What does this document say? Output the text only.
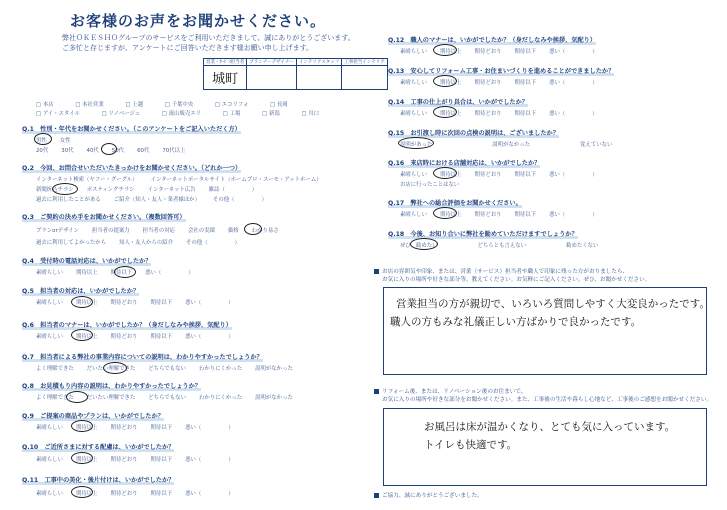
お客様のお声をお聞かせください。
弊社ＯＫＥＳＨＯグループのサービスをご利用いただきまして、誠にありがとうございます。
ご多忙と存じますが、アンケートにご回答いただきます様お願い申し上げます。
営業・ｻｰﾋﾞｽ担当者	プランナーデザイナー	インテリアスタッフ	工事担当インテリア
城町			
□ 本店	□ 本社営業	□ 上越	□ 千葉中央	□ エコリフォ	□ 長岡
□ アイ・スタイル	□ リノベージュ	□ 流山販売エリ	□ 工場	□ 新潟	□ 川口
Q.1　性別・年代をお聞かせください。（このアンケートをご記入いただく方）
男性 女性
20代 30代 40代 50代 60代 70代以上
Q.2　今回、お問合せいただいたきっかけをお聞かせください。（どれか一つ）
インターネット検索（ヤフー・グーグル） インターネットポータルサイト（ホームプロ・スーモ・アットホーム）
新聞折込チラシ ポスティングチラシ インターネット広告 雑誌（　　　　　）
過去に利用したことがある ご紹介（知人・友人・業者様ほか） その他（　　　　　）
Q.3　ご契約の決め手をお聞かせください。（複数回答可）
プランorデザイン 担当者の提案力 担当者の対応 会社の実績 価格 わかり易さ
過去に利用してよかったから 知人・友人からの紹介 その他（　　　　　）
Q.4　受付時の電話対応は、いかがでしたか？
素晴らしい 期待以上 期待以下 悪い（　　　　　）
Q.5　担当者の対応は、いかがでしたか？
素晴らしい 期待以上 期待どおり 期待以下 悪い（　　　　　）
Q.6　担当者のマナーは、いかがでしたか？（身だしなみや挨拶、気配り）
素晴らしい 期待以上 期待どおり 期待以下 悪い（　　　　　）
Q.7　担当者による弊社の事業内容についての説明は、わかりやすかったでしょうか？
よく理解できた だいたい理解できた どちらでもない わかりにくかった 説明がなかった
Q.8　お見積もり内容の説明は、わかりやすかったでしょうか？
よく理解できた だいたい理解できた どちらでもない わかりにくかった 説明がなかった
Q.9　ご提案の商品やプランは、いかがでしたか？
素晴らしい 期待以上 期待どおり 期待以下 悪い（　　　　　）
Q.10　ご近所さまに対する配慮は、いかがでしたか？
素晴らしい 期待以上 期待どおり 期待以下 悪い（　　　　　）
Q.11　工事中の美化・後片付けは、いかがでしたか？
素晴らしい 期待以上 期待どおり 期待以下 悪い（　　　　　）
Q.12　職人のマナーは、いかがでしたか？（身だしなみや挨拶、気配り）
素晴らしい 期待以上 期待どおり 期待以下 悪い（　　　　　）
Q.13　安心してリフォーム工事・お住まいづくりを進めることができましたか？
素晴らしい 期待以上 期待どおり 期待以下 悪い（　　　　　）
Q.14　工事の仕上がり具合は、いかがでしたか？
素晴らしい 期待以上 期待どおり 期待以下 悪い（　　　　　）
Q.15　お引渡し時に次回の点検の説明は、ございましたか？
説明があった	説明がなかった	覚えていない
Q.16　来店時における店舗対応は、いかがでしたか？
素晴らしい 期待以上 期待どおり 期待以下 悪い（　　　　　）
お店に行ったことはない
Q.17　弊社への総合評価をお聞かせください。
素晴らしい 期待以上 期待どおり 期待以下 悪い（　　　　　）
Q.18　今後、お知り合いに弊社を勧めていただけますでしょうか？
ぜひ、勧めたい	どちらとも言えない	勧めたくない
お店の雰囲気や印象、または、営業（サービス）担当者や職人で印象に残った方がおりましたら、
お気に入りの場所や好きな部分等、教えてください。お気軽にご記入ください。ぜひ、お聞かせください。
営業担当の方が親切で、いろいろ質問しやすく大変良かったです。
職人の方もみな礼儀正しい方ばかりで良かったです。
リフォーム後、または、リノベーション後のお住まいで、
お気に入りの場所や好きな部分をお聞かせください。また、工事後の生活や暮らし心地など、工事後のご感想をお聞かせください。
お風呂は床が温かくなり、とても気に入っています。
トイレも快適です。
ご協力、誠にありがとうございました。
